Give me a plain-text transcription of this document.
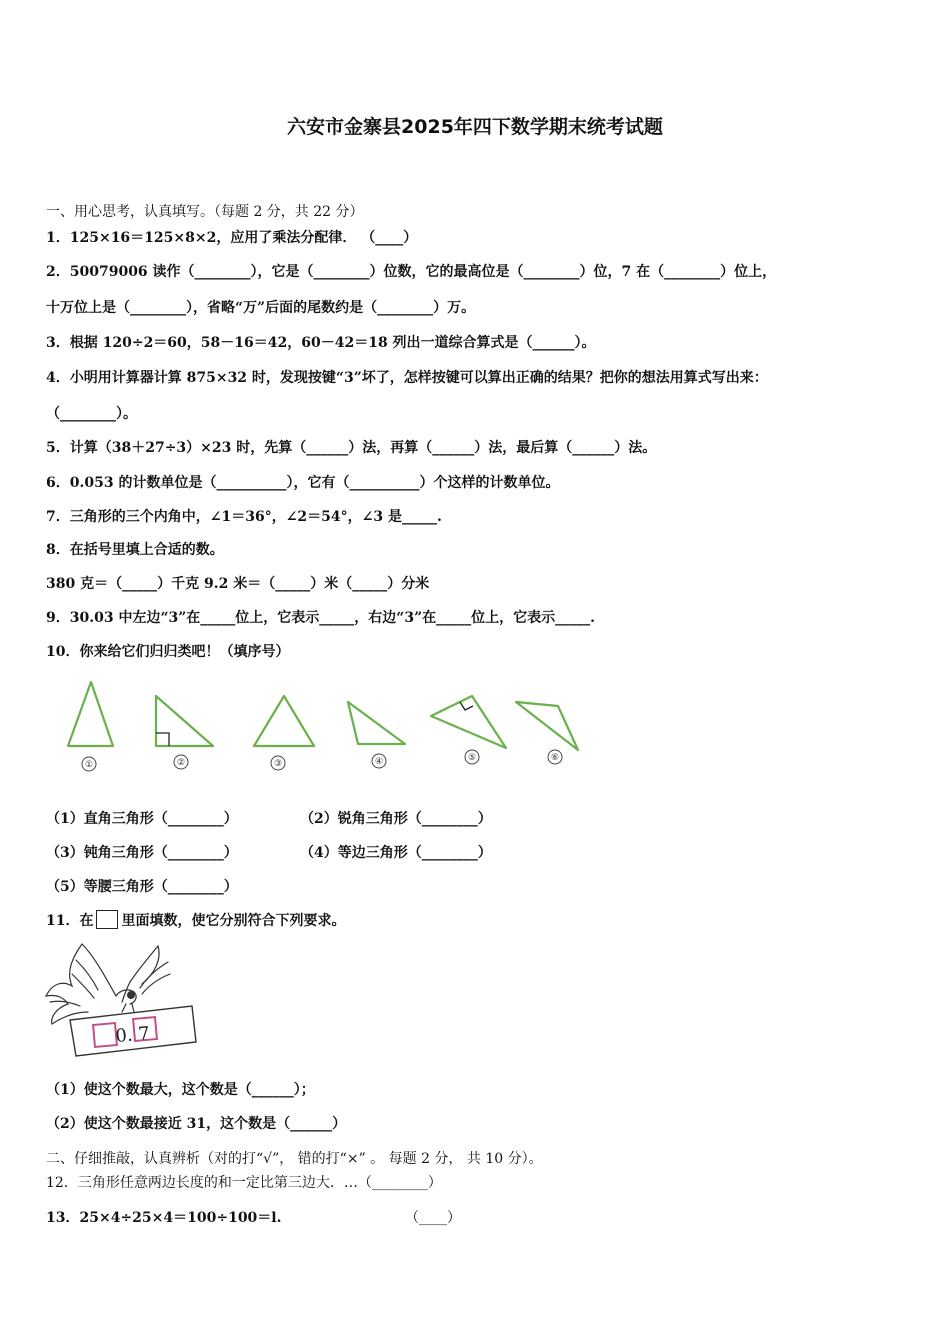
六安市金寨县2025年四下数学期末统考试题
一、用心思考，认真填写。（每题 2 分，共 22 分）
1．125×16＝125×8×2，应用了乘法分配律． （____）
2．50079006 读作（________），它是（________）位数，它的最高位是（________）位，7 在（________）位上，
十万位上是（________），省略“万”后面的尾数约是（________）万。
3．根据 120÷2＝60，58－16＝42，60－42＝18 列出一道综合算式是（______）。
4．小明用计算器计算 875×32 时，发现按键“3”坏了，怎样按键可以算出正确的结果？把你的想法用算式写出来：
（________）。
5．计算（38＋27÷3）×23 时，先算（______）法，再算（______）法，最后算（______）法。
6．0.053 的计数单位是（__________），它有（__________）个这样的计数单位。
7．三角形的三个内角中，∠1＝36°，∠2＝54°，∠3 是_____.
8．在括号里填上合适的数。
380 克＝（_____）千克 9.2 米＝（_____）米（_____）分米
9．30.03 中左边“3”在_____位上，它表示_____，右边“3”在_____位上，它表示_____.
10．你来给它们归归类吧！（填序号）
①	②	③	④	⑤	⑥
（1）直角三角形（________）	（2）锐角三角形（________）
（3）钝角三角形（________）	（4）等边三角形（________）
（5）等腰三角形（________）
11．在 里面填数，使它分别符合下列要求。
0. 7
（1）使这个数最大，这个数是（______）；
（2）使这个数最接近 31，这个数是（______）
二、仔细推敲，认真辨析（对的打“√”， 错的打“×” 。 每题 2 分， 共 10 分）。
12．三角形任意两边长度的和一定比第三边大．…（________）
13．25×4÷25×4＝100÷100＝l.	（____）
